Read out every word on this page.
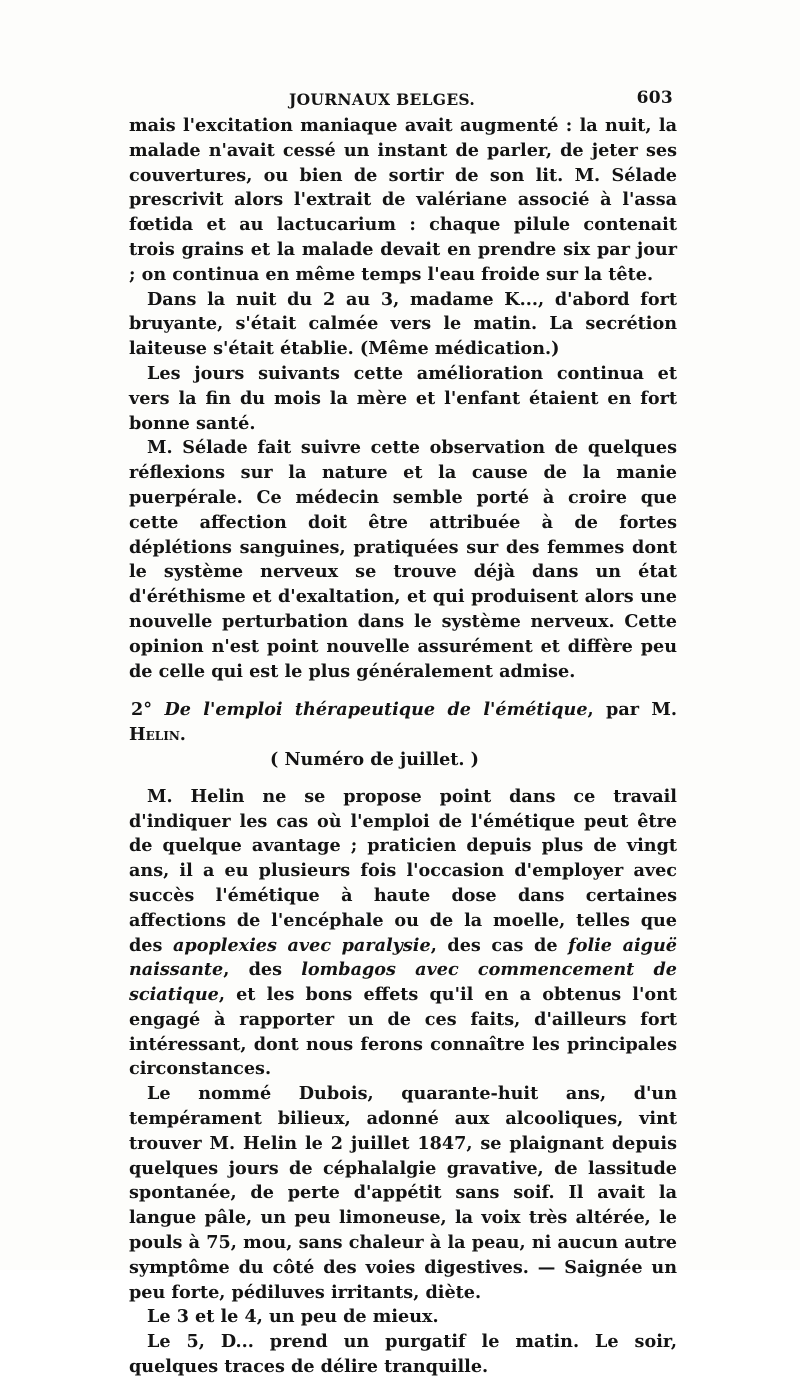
JOURNAUX BELGES.	603

mais l'excitation maniaque avait augmenté : la nuit, la malade n'avait cessé un instant de parler, de jeter ses couvertures, ou bien de sortir de son lit. M. Sélade prescrivit alors l'extrait de valériane associé à l'assa fœtida et au lactucarium : chaque pilule contenait trois grains et la malade devait en prendre six par jour ; on continua en même temps l'eau froide sur la tête.

Dans la nuit du 2 au 3, madame K..., d'abord fort bruyante, s'était calmée vers le matin. La secrétion laiteuse s'était établie. (Même médication.)

Les jours suivants cette amélioration continua et vers la fin du mois la mère et l'enfant étaient en fort bonne santé.

M. Sélade fait suivre cette observation de quelques réflexions sur la nature et la cause de la manie puerpérale. Ce médecin semble porté à croire que cette affection doit être attribuée à de fortes déplétions sanguines, pratiquées sur des femmes dont le système nerveux se trouve déjà dans un état d'éréthisme et d'exaltation, et qui produisent alors une nouvelle perturbation dans le système nerveux. Cette opinion n'est point nouvelle assurément et diffère peu de celle qui est le plus généralement admise.

2° De l'emploi thérapeutique de l'émétique, par M. Helin.
( Numéro de juillet. )

M. Helin ne se propose point dans ce travail d'indiquer les cas où l'emploi de l'émétique peut être de quelque avantage ; praticien depuis plus de vingt ans, il a eu plusieurs fois l'occasion d'employer avec succès l'émétique à haute dose dans certaines affections de l'encéphale ou de la moelle, telles que des apoplexies avec paralysie, des cas de folie aiguë naissante, des lombagos avec commencement de sciatique, et les bons effets qu'il en a obtenus l'ont engagé à rapporter un de ces faits, d'ailleurs fort intéressant, dont nous ferons connaître les principales circonstances.

Le nommé Dubois, quarante-huit ans, d'un tempérament bilieux, adonné aux alcooliques, vint trouver M. Helin le 2 juillet 1847, se plaignant depuis quelques jours de céphalalgie gravative, de lassitude spontanée, de perte d'appétit sans soif. Il avait la langue pâle, un peu limoneuse, la voix très altérée, le pouls à 75, mou, sans chaleur à la peau, ni aucun autre symptôme du côté des voies digestives. — Saignée un peu forte, pédiluves irritants, diète.

Le 3 et le 4, un peu de mieux.

Le 5, D... prend un purgatif le matin. Le soir, quelques traces de délire tranquille.
